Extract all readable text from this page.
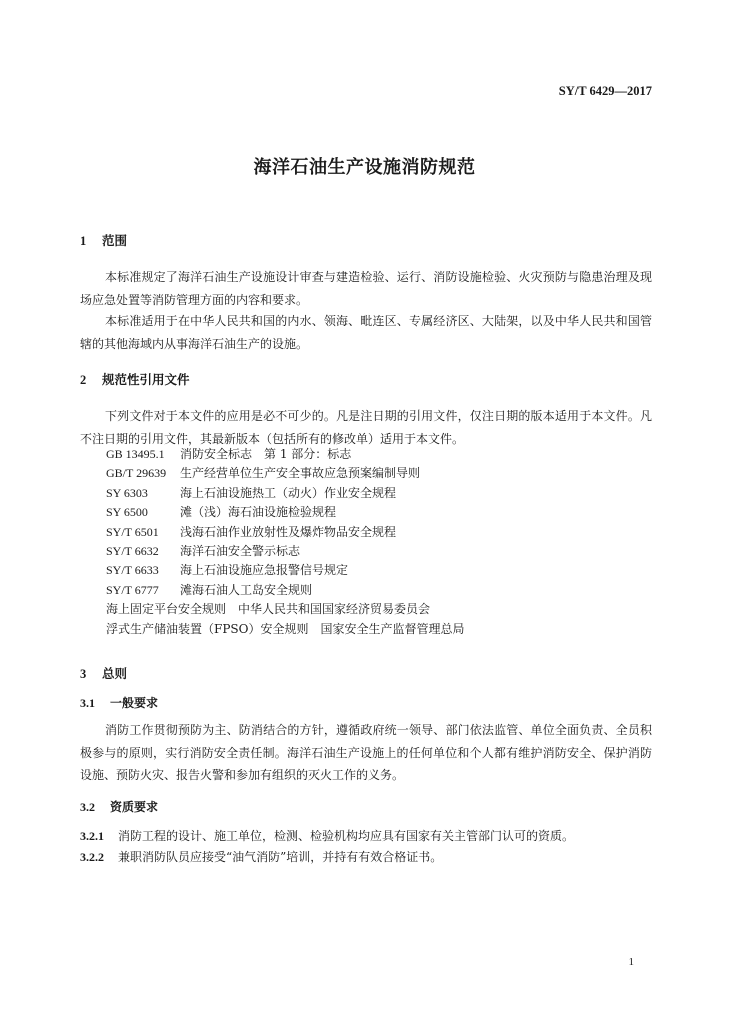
SY/T 6429—2017
海洋石油生产设施消防规范
1 范围
本标准规定了海洋石油生产设施设计审查与建造检验、运行、消防设施检验、火灾预防与隐患治理及现场应急处置等消防管理方面的内容和要求。
本标准适用于在中华人民共和国的内水、领海、毗连区、专属经济区、大陆架，以及中华人民共和国管辖的其他海域内从事海洋石油生产的设施。
2 规范性引用文件
下列文件对于本文件的应用是必不可少的。凡是注日期的引用文件，仅注日期的版本适用于本文件。凡不注日期的引用文件，其最新版本（包括所有的修改单）适用于本文件。
GB 13495.1 消防安全标志　第 1 部分：标志
GB/T 29639 生产经营单位生产安全事故应急预案编制导则
SY 6303	海上石油设施热工（动火）作业安全规程
SY 6500	滩（浅）海石油设施检验规程
SY/T 6501 浅海石油作业放射性及爆炸物品安全规程
SY/T 6632 海洋石油安全警示标志
SY/T 6633 海上石油设施应急报警信号规定
SY/T 6777 滩海石油人工岛安全规则
海上固定平台安全规则　中华人民共和国国家经济贸易委员会
浮式生产储油装置（FPSO）安全规则　国家安全生产监督管理总局
3 总则
3.1 一般要求
消防工作贯彻预防为主、防消结合的方针，遵循政府统一领导、部门依法监管、单位全面负责、全员积极参与的原则，实行消防安全责任制。海洋石油生产设施上的任何单位和个人都有维护消防安全、保护消防设施、预防火灾、报告火警和参加有组织的灭火工作的义务。
3.2 资质要求
3.2.1 消防工程的设计、施工单位，检测、检验机构均应具有国家有关主管部门认可的资质。
3.2.2 兼职消防队员应接受“油气消防”培训，并持有有效合格证书。
1
